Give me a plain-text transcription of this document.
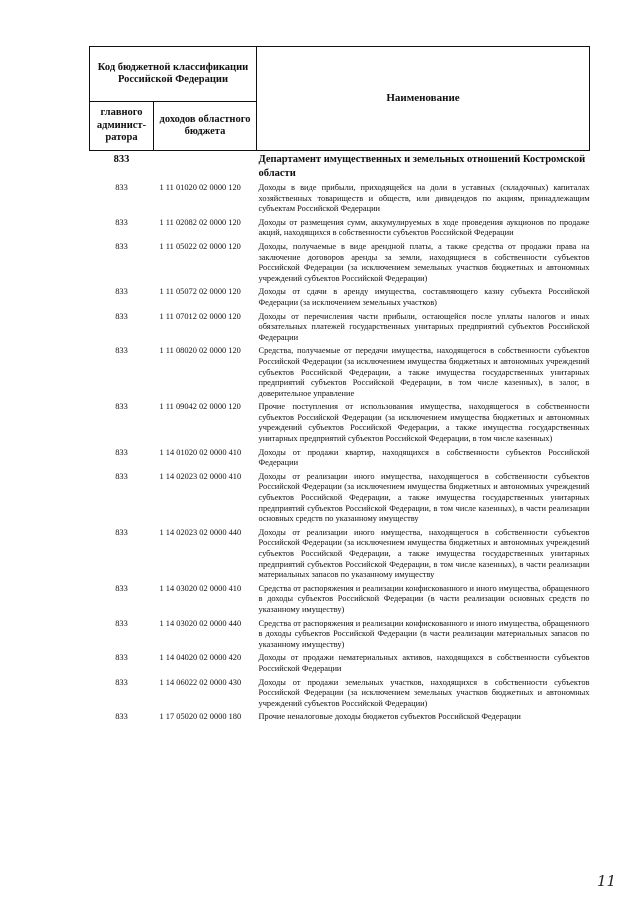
Код бюджетной классификации Российской Федерации		Наименование
главного админист-ратора	доходов областного бюджета	
833		Департамент имущественных и земельных отношений Костромской области
833	1 11 01020 02 0000 120	Доходы в виде прибыли, приходящейся на доли в уставных (складочных) капиталах хозяйственных товариществ и обществ, или дивидендов по акциям, принадлежащим субъектам Российской Федерации
833	1 11 02082 02 0000 120	Доходы от размещения сумм, аккумулируемых в ходе проведения аукционов по продаже акций, находящихся в собственности субъектов Российской Федерации
833	1 11 05022 02 0000 120	Доходы, получаемые в виде арендной платы, а также средства от продажи права на заключение договоров аренды за земли, находящиеся в собственности субъектов Российской Федерации (за исключением земельных участков бюджетных и автономных учреждений субъектов Российской Федерации)
833	1 11 05072 02 0000 120	Доходы от сдачи в аренду имущества, составляющего казну субъекта Российской Федерации (за исключением земельных участков)
833	1 11 07012 02 0000 120	Доходы от перечисления части прибыли, остающейся после уплаты налогов и иных обязательных платежей государственных унитарных предприятий субъектов Российской Федерации
833	1 11 08020 02 0000 120	Средства, получаемые от передачи имущества, находящегося в собственности субъектов Российской Федерации (за исключением имущества бюджетных и автономных учреждений субъектов Российской Федерации, а также имущества государственных унитарных предприятий субъектов Российской Федерации, в том числе казенных), в залог, в доверительное управление
833	1 11 09042 02 0000 120	Прочие поступления от использования имущества, находящегося в собственности субъектов Российской Федерации (за исключением имущества бюджетных и автономных учреждений субъектов Российской Федерации, а также имущества государственных унитарных предприятий субъектов Российской Федерации, в том числе казенных)
833	1 14 01020 02 0000 410	Доходы от продажи квартир, находящихся в собственности субъектов Российской Федерации
833	1 14 02023 02 0000 410	Доходы от реализации иного имущества, находящегося в собственности субъектов Российской Федерации (за исключением имущества бюджетных и автономных учреждений субъектов Российской Федерации, а также имущества государственных унитарных предприятий субъектов Российской Федерации, в том числе казенных), в части реализации основных средств по указанному имуществу
833	1 14 02023 02 0000 440	Доходы от реализации иного имущества, находящегося в собственности субъектов Российской Федерации (за исключением имущества бюджетных и автономных учреждений субъектов Российской Федерации, а также имущества государственных унитарных предприятий субъектов Российской Федерации, в том числе казенных), в части реализации материальных запасов по указанному имуществу
833	1 14 03020 02 0000 410	Средства от распоряжения и реализации конфискованного и иного имущества, обращенного в доходы субъектов Российской Федерации (в части реализации основных средств по указанному имуществу)
833	1 14 03020 02 0000 440	Средства от распоряжения и реализации конфискованного и иного имущества, обращенного в доходы субъектов Российской Федерации (в части реализации материальных запасов по указанному имуществу)
833	1 14 04020 02 0000 420	Доходы от продажи нематериальных активов, находящихся в собственности субъектов Российской Федерации
833	1 14 06022 02 0000 430	Доходы от продажи земельных участков, находящихся в собственности субъектов Российской Федерации (за исключением земельных участков бюджетных и автономных учреждений субъектов Российской Федерации)
833	1 17 05020 02 0000 180	Прочие неналоговые доходы бюджетов субъектов Российской Федерации
11
